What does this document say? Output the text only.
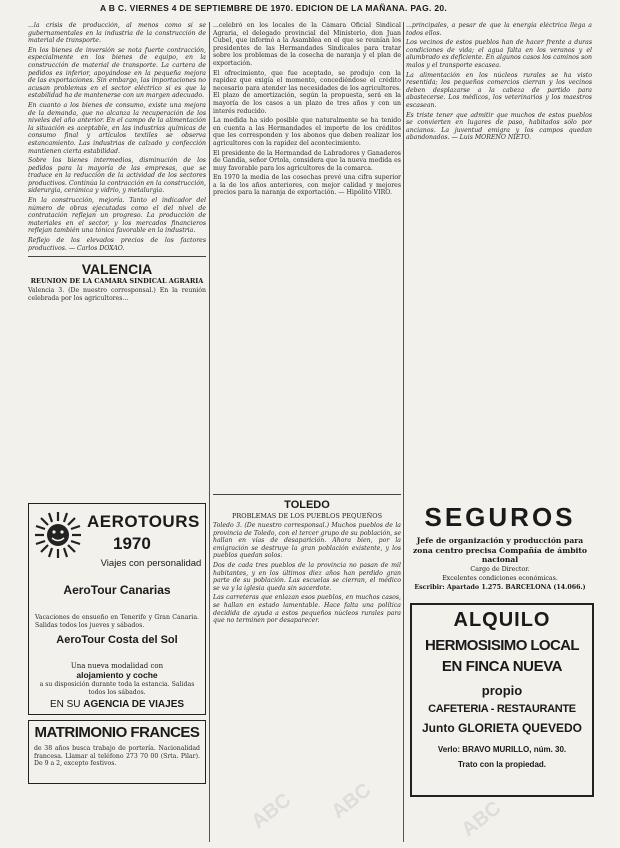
A B C. VIERNES 4 DE SEPTIEMBRE DE 1970. EDICION DE LA MAÑANA. PAG. 20.

...la crisis de producción, al menos como si se gubernamentales en la industria de la construcción de material de transporte.

En los bienes de inversión se nota fuerte contracción, especialmente en los bienes de equipo, en la construcción de material de transporte. La cartera de pedidos es inferior, apoyándose en la pequeña mejora de las exportaciones. Sin embargo, las importaciones no acusan problemas en el sector eléctrico si es que la estabilidad ha de mantenerse con un margen adecuado.

En cuanto a los bienes de consumo, existe una mejora de la demanda, que no alcanza la recuperación de los niveles del año anterior. En el campo de la alimentación la situación es aceptable, en las industrias químicas de consumo final y artículos textiles se observa estancamiento. Las industrias de calzado y confección mantienen cierta estabilidad.

Sobre los bienes intermedios, disminución de los pedidos para la mayoría de las empresas, que se traduce en la reducción de la actividad de los sectores productivos. Continúa la contracción en la construcción, siderurgia, cerámica y vidrio, y metalurgia.

En la construcción, mejoría. Tanto el indicador del número de obras ejecutadas como el del nivel de contratación reflejan un progreso. La producción de materiales en el sector, y los mercados financieros reflejan también una tónica favorable en la industria.

Reflejo de los elevados precios de los factores productivos. — Carlos DOXAO.

VALENCIA
REUNION DE LA CAMARA SINDICAL AGRARIA

Valencia 3. (De nuestro corresponsal.) En la reunión celebrada por los agricultores...

AEROTOURS
1970
Viajes con personalidad
AeroTour Canarias

Vacaciones de ensueño en Tenerife y Gran Canaria. Salidas todos los jueves y sábados.

AeroTour Costa del Sol
Una nueva modalidad con
alojamiento y coche

a su disposición durante toda la estancia. Salidas todos los sábados.

EN SU AGENCIA DE VIAJES
MATRIMONIO FRANCES

de 38 años busca trabajo de portería. Nacionalidad francesa. Llamar al teléfono 273 70 00 (Srta. Pilar). De 9 a 2, excepto festivos.

...celebró en los locales de la Cámara Oficial Sindical Agraria, el delegado provincial del Ministerio, don Juan Cubel, que informó a la Asamblea en el que se reunían los presidentes de las Hermandades Sindicales para tratar sobre los problemas de la cosecha de naranja y el plan de exportación.

El ofrecimiento, que fue aceptado, se produjo con la rapidez que exigía el momento, concediéndose el crédito necesario para atender las necesidades de los agricultores. El plazo de amortización, según la propuesta, será en la mayoría de los casos a un plazo de tres años y con un interés reducido.

La medida ha sido posible que naturalmente se ha tenido en cuenta a las Hermandades el importe de los créditos que les corresponden y los abonos que deben realizar los agricultores con la rapidez del acontecimiento.

El presidente de la Hermandad de Labradores y Ganaderos de Gandía, señor Ortola, considera que la nueva medida es muy favorable para los agricultores de la comarca.

En 1970 la media de las cosechas prevé una cifra superior a la de los años anteriores, con mejor calidad y mejores precios para la naranja de exportación. — Hipólito VIRO.

TOLEDO
PROBLEMAS DE LOS PUEBLOS PEQUEÑOS

Toledo 3. (De nuestro corresponsal.) Muchos pueblos de la provincia de Toledo, con el tercer grupo de su población, se hallan en vías de desaparición. Ahora bien, por la emigración se destruye la gran población existente, y los pueblos quedan solos.

Dos de cada tres pueblos de la provincia no pasan de mil habitantes, y en los últimos diez años han perdido gran parte de su población. Las escuelas se cierran, el médico se va y la iglesia queda sin sacerdote.

Las carreteras que enlazan esos pueblos, en muchos casos, se hallan en estado lamentable. Hace falta una política decidida de ayuda a estos pequeños núcleos rurales para que no terminen por desaparecer.

...principales, a pesar de que la energía eléctrica llega a todos ellos.

Los vecinos de estos pueblos han de hacer frente a duras condiciones de vida; el agua falta en los veranos y el alumbrado es deficiente. En algunos casos los caminos son malos y el transporte escasea.

La alimentación en los núcleos rurales se ha visto resentida; los pequeños comercios cierran y los vecinos deben desplazarse a la cabeza de partido para abastecerse. Los médicos, los veterinarios y los maestros escasean.

Es triste tener que admitir que muchos de estos pueblos se convierten en lugares de paso, habitados sólo por ancianos. La juventud emigra y los campos quedan abandonados. — Luis MORENO NIETO.

SEGUROS
Jefe de organización y producción para zona centro precisa Compañía de ámbito nacional
Cargo de Director.
Excelentes condiciones económicas.
Escribir: Apartado 1.275. BARCELONA (14.066.)
ALQUILO
HERMOSISIMO LOCAL
EN FINCA NUEVA
propio
CAFETERIA - RESTAURANTE
Junto GLORIETA QUEVEDO
Verlo: BRAVO MURILLO, núm. 30.
Trato con la propiedad.
ABC ABC	ABC
